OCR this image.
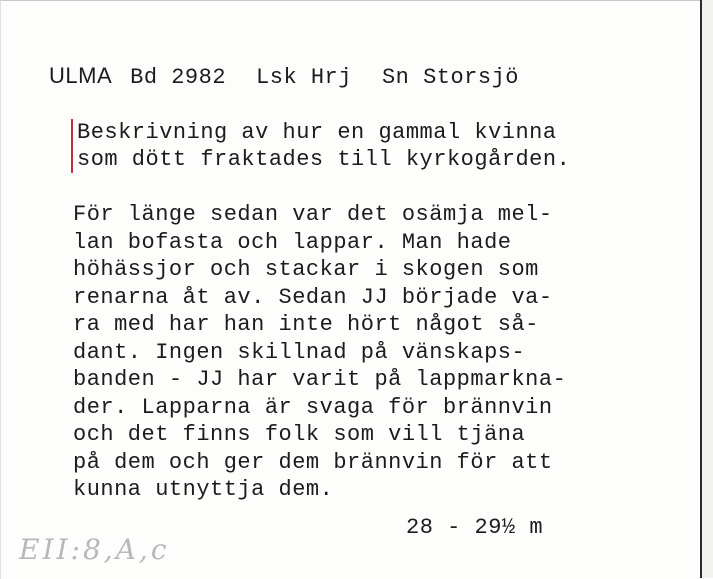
ULMA Bd 2982 Lsk Hrj Sn Storsjö
Beskrivning av hur en gammal kvinna
som dött fraktades till kyrkogården.
För länge sedan var det osämja mel-
lan bofasta och lappar. Man hade
höhässjor och stackar i skogen som
renarna åt av. Sedan JJ började va-
ra med har han inte hört något så-
dant. Ingen skillnad på vänskaps-
banden - JJ har varit på lappmarkna-
der. Lapparna är svaga för brännvin
och det finns folk som vill tjäna
på dem och ger dem brännvin för att
kunna utnyttja dem.
28 - 29½ m
EII:8,A,c
